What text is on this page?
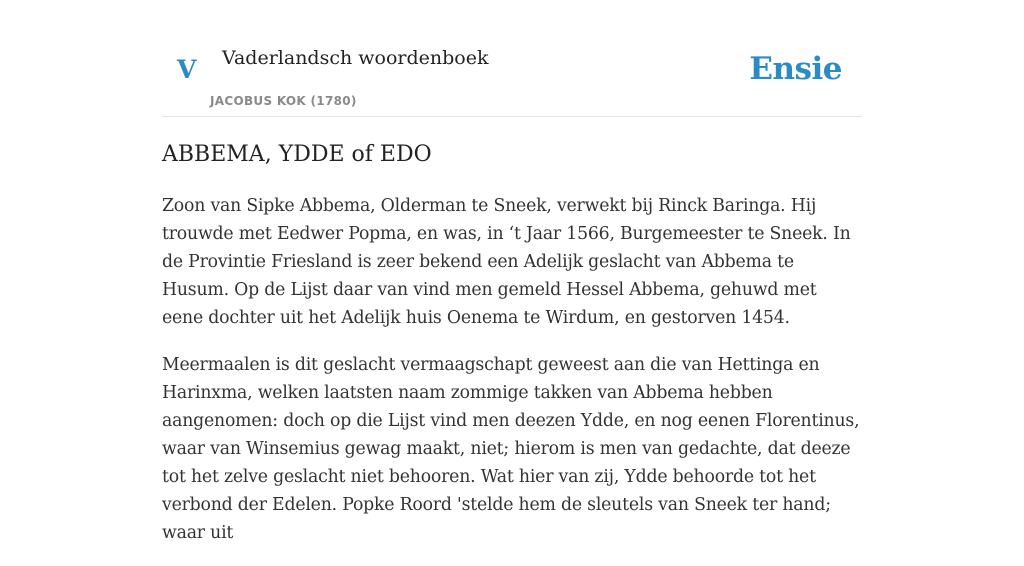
V Vaderlandsch woordenboek
JACOBUS KOK (1780)
Ensie
ABBEMA, YDDE of EDO

Zoon van Sipke Abbema, Olderman te Sneek, verwekt bij Rinck Baringa. Hij trouwde met Eedwer Popma, en was, in ‘t Jaar 1566, Burgemeester te Sneek. In de Provintie Friesland is zeer bekend een Adelijk geslacht van Abbema te Husum. Op de Lijst daar van vind men gemeld Hessel Abbema, gehuwd met eene dochter uit het Adelijk huis Oenema te Wirdum, en gestorven 1454.

Meermaalen is dit geslacht vermaagschapt geweest aan die van Hettinga en Harinxma, welken laatsten naam zommige takken van Abbema hebben aangenomen: doch op die Lijst vind men deezen Ydde, en nog eenen Florentinus, waar van Winsemius gewag maakt, niet; hierom is men van gedachte, dat deeze tot het zelve geslacht niet behooren. Wat hier van zij, Ydde behoorde tot het verbond der Edelen. Popke Roord 'stelde hem de sleutels van Sneek ter hand; waar uit
